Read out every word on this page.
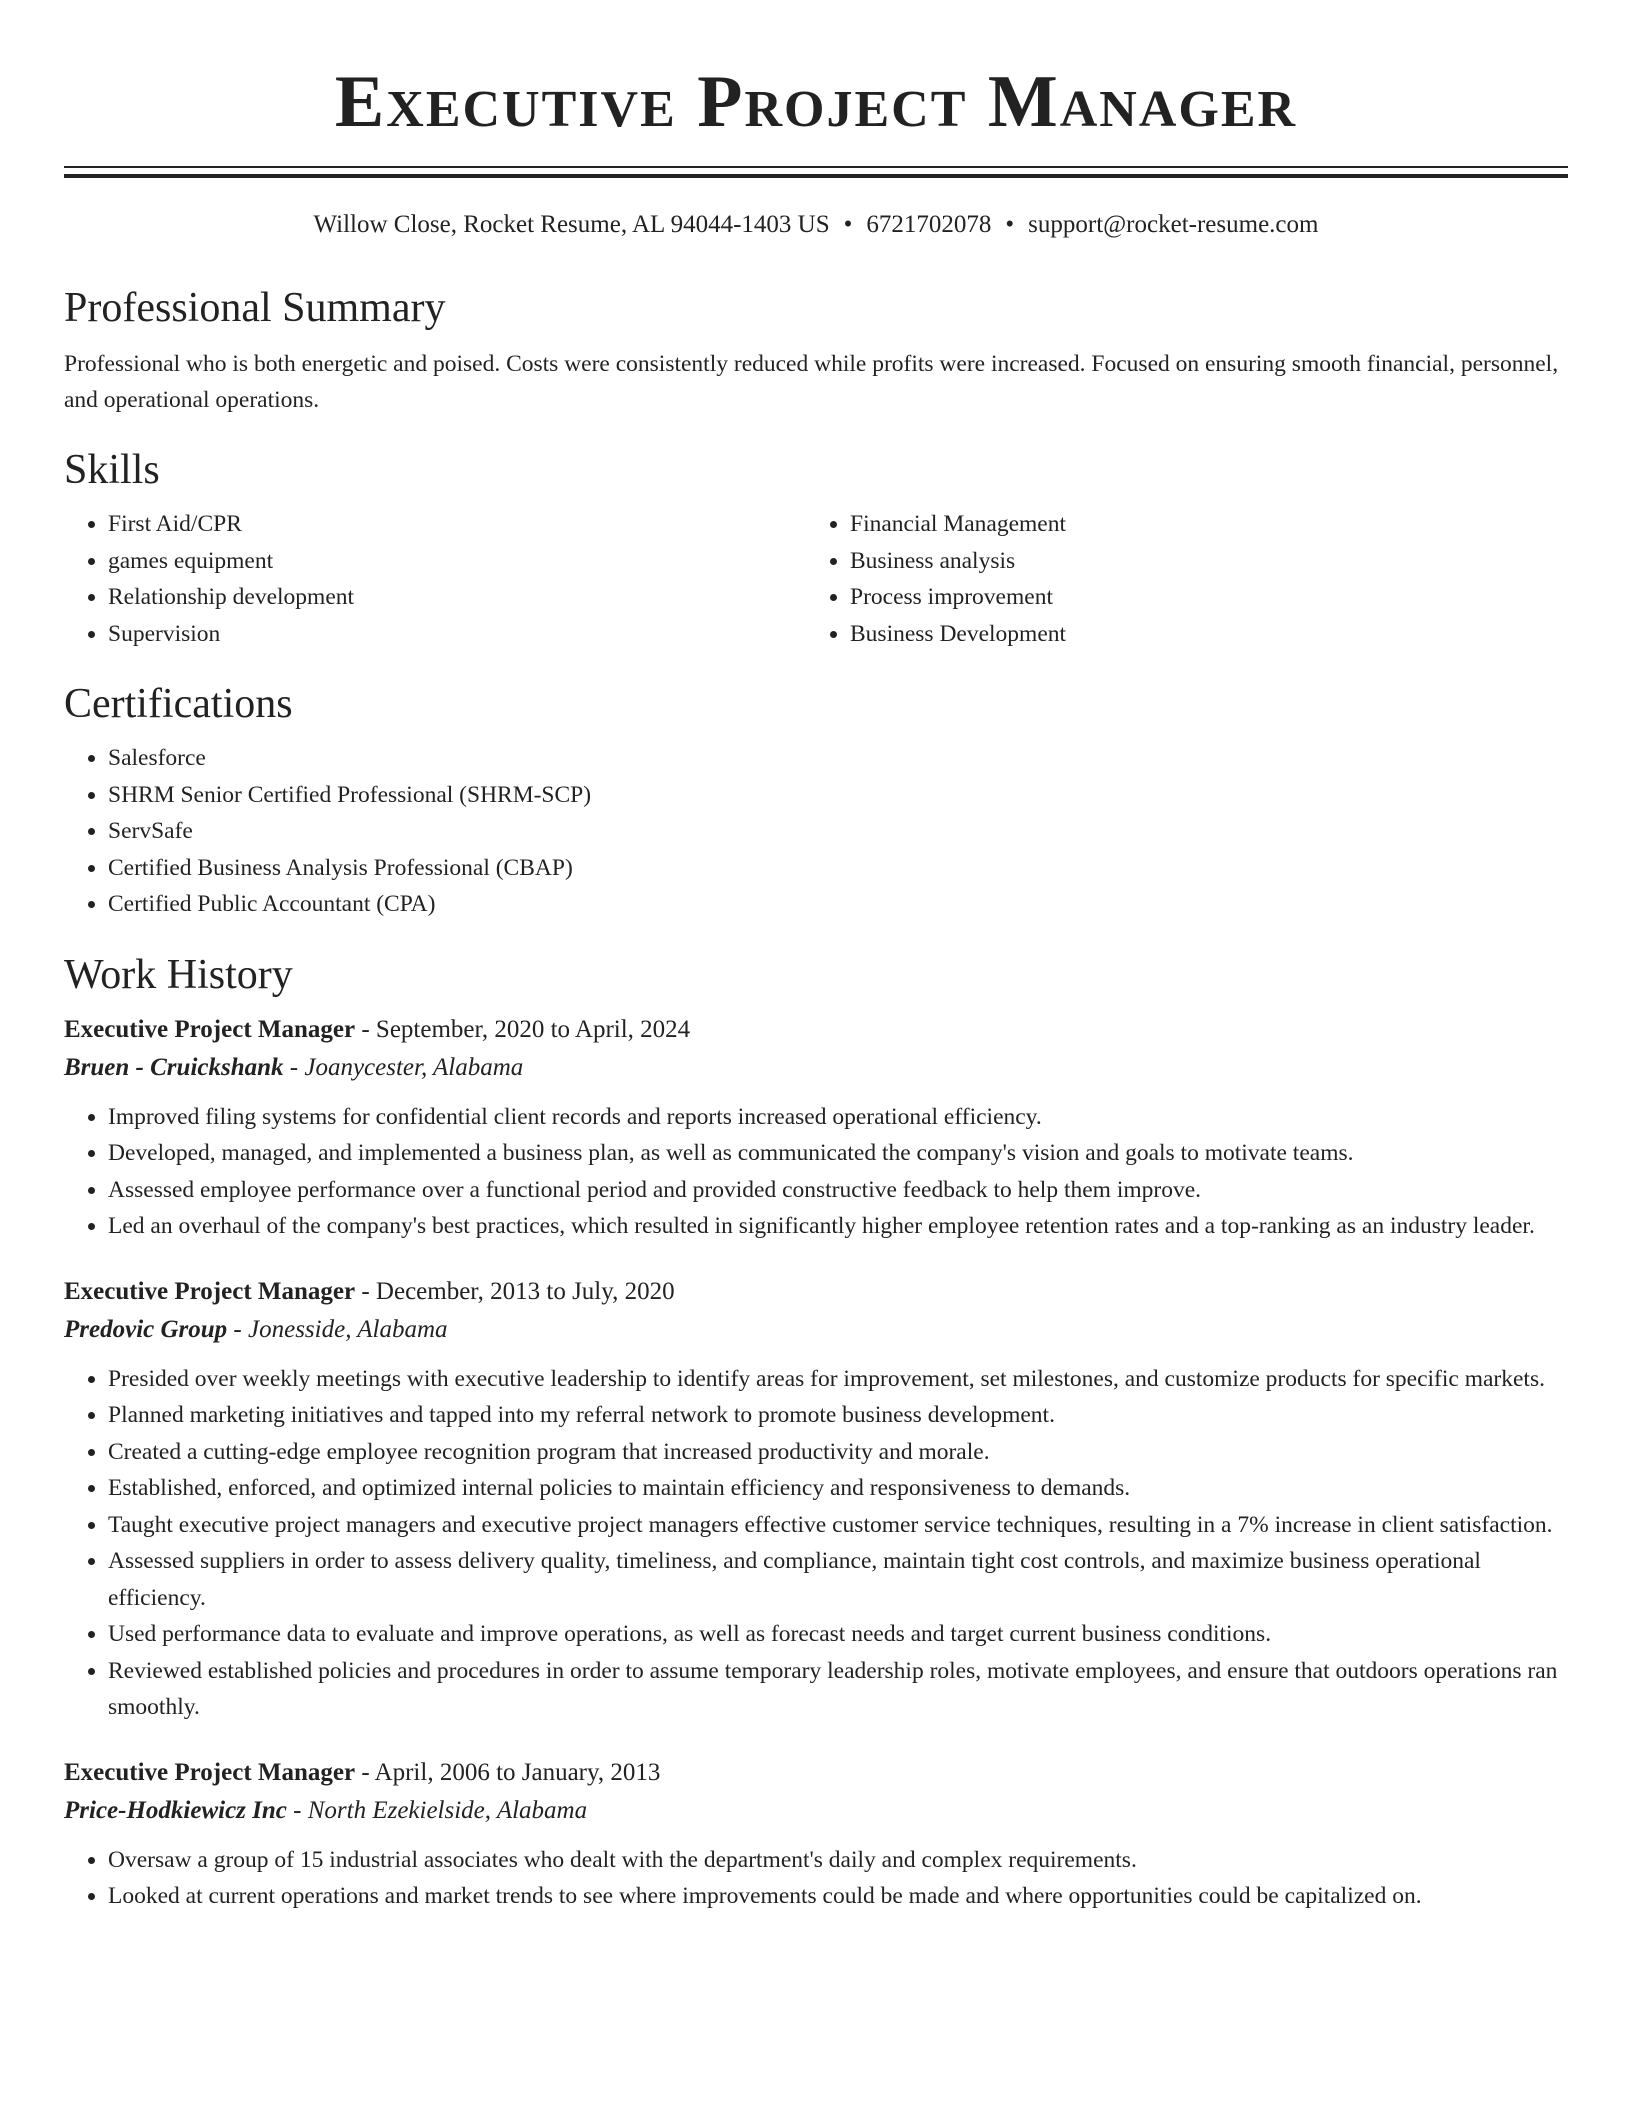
Executive Project Manager
Willow Close, Rocket Resume, AL 94044-1403 US • 6721702078 • support@rocket-resume.com
Professional Summary

Professional who is both energetic and poised. Costs were consistently reduced while profits were increased. Focused on ensuring smooth financial, personnel, and operational operations.

Skills
• First Aid/CPR
• games equipment
• Relationship development
• Supervision
• Financial Management
• Business analysis
• Process improvement
• Business Development
Certifications
• Salesforce
• SHRM Senior Certified Professional (SHRM-SCP)
• ServSafe
• Certified Business Analysis Professional (CBAP)
• Certified Public Accountant (CPA)
Work History
Executive Project Manager - September, 2020 to April, 2024
Bruen - Cruickshank - Joanycester, Alabama
• Improved filing systems for confidential client records and reports increased operational efficiency.
• Developed, managed, and implemented a business plan, as well as communicated the company's vision and goals to motivate teams.
• Assessed employee performance over a functional period and provided constructive feedback to help them improve.
• Led an overhaul of the company's best practices, which resulted in significantly higher employee retention rates and a top-ranking as an industry leader.
Executive Project Manager - December, 2013 to July, 2020
Predovic Group - Jonesside, Alabama
• Presided over weekly meetings with executive leadership to identify areas for improvement, set milestones, and customize products for specific markets.
• Planned marketing initiatives and tapped into my referral network to promote business development.
• Created a cutting-edge employee recognition program that increased productivity and morale.
• Established, enforced, and optimized internal policies to maintain efficiency and responsiveness to demands.
• Taught executive project managers and executive project managers effective customer service techniques, resulting in a 7% increase in client satisfaction.
• Assessed suppliers in order to assess delivery quality, timeliness, and compliance, maintain tight cost controls, and maximize business operational efficiency.
• Used performance data to evaluate and improve operations, as well as forecast needs and target current business conditions.
• Reviewed established policies and procedures in order to assume temporary leadership roles, motivate employees, and ensure that outdoors operations ran smoothly.
Executive Project Manager - April, 2006 to January, 2013
Price-Hodkiewicz Inc - North Ezekielside, Alabama
• Oversaw a group of 15 industrial associates who dealt with the department's daily and complex requirements.
• Looked at current operations and market trends to see where improvements could be made and where opportunities could be capitalized on.
